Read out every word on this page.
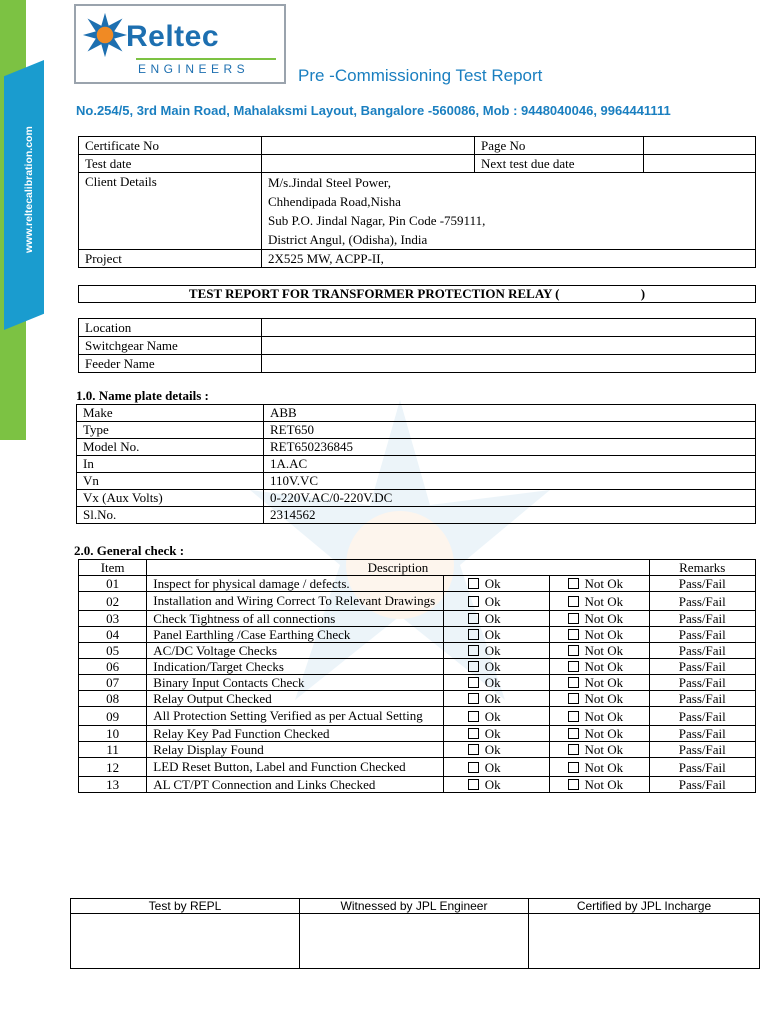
www.reltecalibration.com
Reltec
ENGINEERS	Pre -Commissioning Test Report
No.254/5, 3rd Main Road, Mahalaksmi Layout, Bangalore -560086, Mob : 9448040046, 9964441111
Certificate No		Page No	
Test date		Next test due date	
Client Details	M/s.Jindal Steel Power,
Chhendipada Road,Nisha
Sub P.O. Jindal Nagar, Pin Code -759111,
District Angul, (Odisha), India		

Project	2X525 MW, ACPP-II,		
TEST REPORT FOR TRANSFORMER PROTECTION RELAY (                         )
Location	
Switchgear Name	
Feeder Name	
1.0. Name plate details :
Make	ABB
Type	RET650
Model No.	RET650236845
In	1A.AC
Vn	110V.VC
Vx (Aux Volts)	0-220V.AC/0-220V.DC
Sl.No.	2314562
2.0. General check :
Item	Description			Remarks
01	Inspect for physical damage / defects.	Ok	Not Ok	Pass/Fail
02	Installation and Wiring Correct To Relevant Drawings	Ok	Not Ok	Pass/Fail
03	Check Tightness of all connections	Ok	Not Ok	Pass/Fail
04	Panel Earthling /Case Earthing Check	Ok	Not Ok	Pass/Fail
05	AC/DC Voltage Checks	Ok	Not Ok	Pass/Fail
06	Indication/Target Checks	Ok	Not Ok	Pass/Fail
07	Binary Input Contacts Check	Ok	Not Ok	Pass/Fail
08	Relay Output Checked	Ok	Not Ok	Pass/Fail
09	All Protection Setting Verified as per Actual Setting	Ok	Not Ok	Pass/Fail
10	Relay Key Pad Function Checked	Ok	Not Ok	Pass/Fail
11	Relay Display Found	Ok	Not Ok	Pass/Fail
12	LED Reset Button, Label and Function Checked	Ok	Not Ok	Pass/Fail
13	AL CT/PT Connection and Links Checked	Ok	Not Ok	Pass/Fail
Test by REPL	Witnessed by JPL Engineer	Certified by JPL Incharge
